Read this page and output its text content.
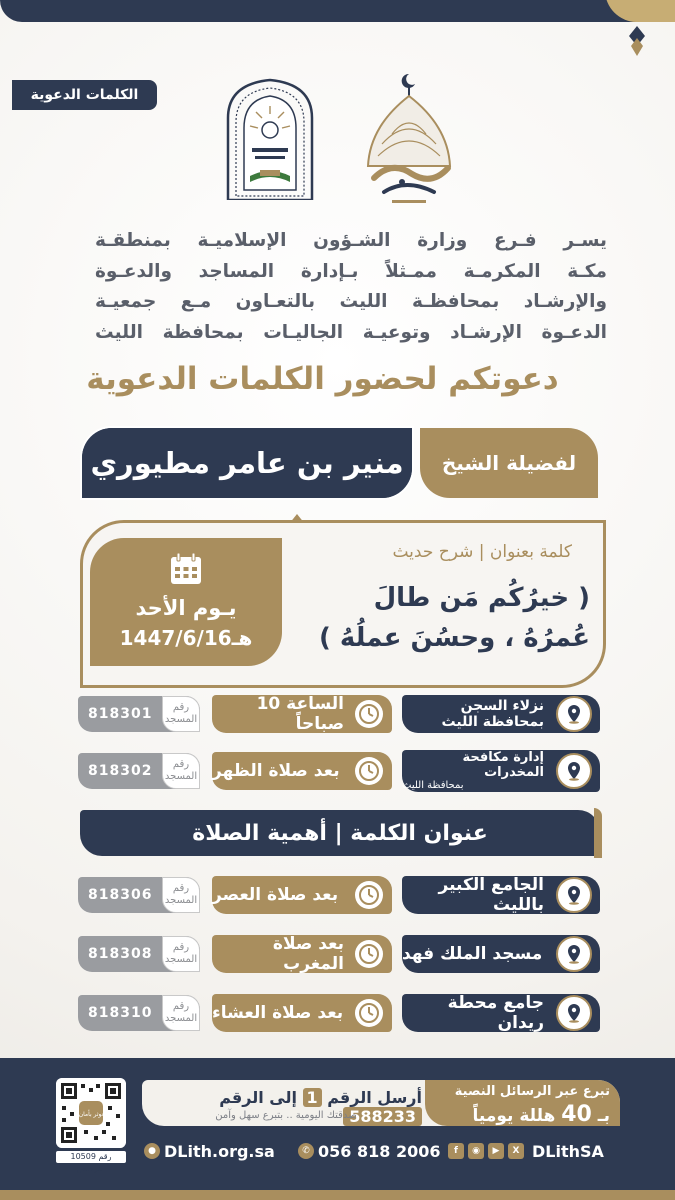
الكلمات الدعوية
يسـر فـرع وزارة الشـؤون الإسلاميـة بمنطقـة
مكـة المكرمـة ممـثلاً بـإدارة المساجد والدعـوة
والإرشـاد بمحافظـة الليث بالتعـاون مـع جمعيـة
الدعـوة الإرشـاد وتوعيـة الجاليـات بمحافظة الليث
دعوتكم لحضور الكلمات الدعوية
منير بن عامر مطيوري	لفضيلة الشيخ
كلمة بعنوان | شرح حديث
( خيرُكُم مَن طالَ عُمرُهُ ، وحسُنَ عملُهُ )
يـوم الأحد
1447/6/16هـ
نزلاء السجن بمحافظة الليث
الساعة 10 صباحاً
818301	رقم المسجد
إدارة مكافحة المخدرات
بمحافظة الليث
بعد صلاة الظهر
818302	رقم المسجد
عنوان الكلمة | أهمية الصلاة
الجامع الكبير بالليث
بعد صلاة العصر
818306	رقم المسجد
مسجد الملك فهد
بعد صلاة المغرب
818308	رقم المسجد
جامع محطة ريدان
بعد صلاة العشاء
818310	رقم المسجد
تبرع عبر الرسائل النصية
بـ 40 هللة يومياً
أرسل الرقم 1 إلى الرقم 588233
صدقتك اليومية .. بتبرع سهل وآمن
نوثر بأمان
10509 رقم الترخيص
● DLith.org.sa	✆ 056 818 2006	f	◉	▶	X DLithSA
